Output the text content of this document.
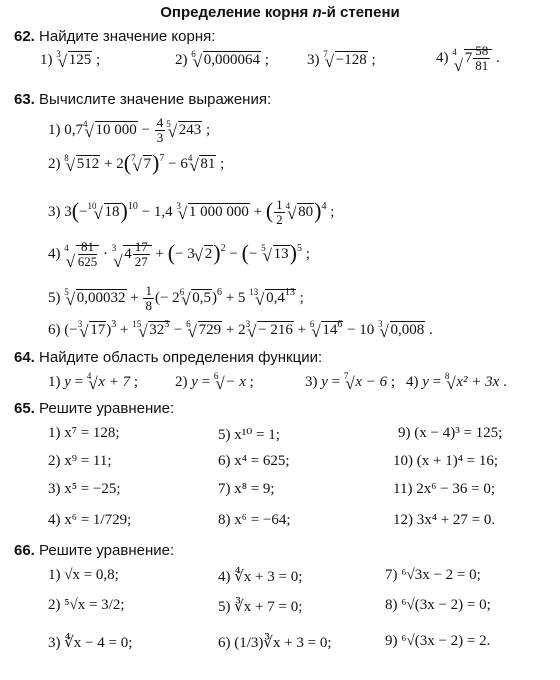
Определение корня n-й степени
62. Найдите значение корня:
1) $^3$√ 125 ;	2) $^6$√ 0,000064 ;	3) $^7$√ −128 ;	4) $^4$√ $7 \frac{58}{81}$ .
63. Вычислите значение выражения:
1) $0,7^4√$ 10 $000 - \frac{4}{3} ^5√$ 243 ;
2) $^8$√ 512 + 2($^7$√ $7)^7 - 6^4√$ 81 ;
3) 3(−$^{10}$√ 18)$^{10}$ − 1,4 $^3$√ 1 000 000 + ( $\frac{1}{2} ^4√$ 80)$^4$ ;
4) $^4$
√ $\frac{81}{625} \cdot ^3√$ $4 \frac{17}{27}$ + (− 3√ 2)$^2$ − (− $^5$√ 13)$^5$ ;
5) $^5$√ $0,00032 + \frac{1}{8}$ (− $2^6√$ 0,5)$^6$ + 5 $^{13}$√ $0,4^{13}$ ;
6) (−$^3$√ 17)$^3$ + $^{15}$√ $32^3 - ^6√$ $729 + 2^3√ - 216 + ^6√$ $14^6 - 10$ $^3$√ 0,008 .
64. Найдите область определения функции:
1) y = $^4$√ x + 7 ; 2) y = $^6$√ − x ;	3) y = $^7$√ x − 6 ; 4) y = $^8$√ x² + 3x .
65. Решите уравнение:
1) x⁷ = 128;	5) x¹⁰ = 1;	9) (x − 4)³ = 125;
2) x⁹ = 11;	6) x⁴ = 625;	10) (x + 1)⁴ = 16;
3) x⁵ = −25;	7) x⁸ = 9;	11) 2x⁶ − 36 = 0;
4) x⁶ = 1/729;	8) x⁶ = −64;	12) 3x⁴ + 27 = 0.
66. Решите уравнение:
1) √x = 0,8;	4) ∜x + 3 = 0;	7) ⁶√3x − 2 = 0;
2) ⁵√x = 3/2;	5) ∛x + 7 = 0;	8) ⁶√(3x − 2) = 0;
3) ∜x − 4 = 0;	6) (1/3)∛x + 3 = 0;	9) ⁶√(3x − 2) = 2.
